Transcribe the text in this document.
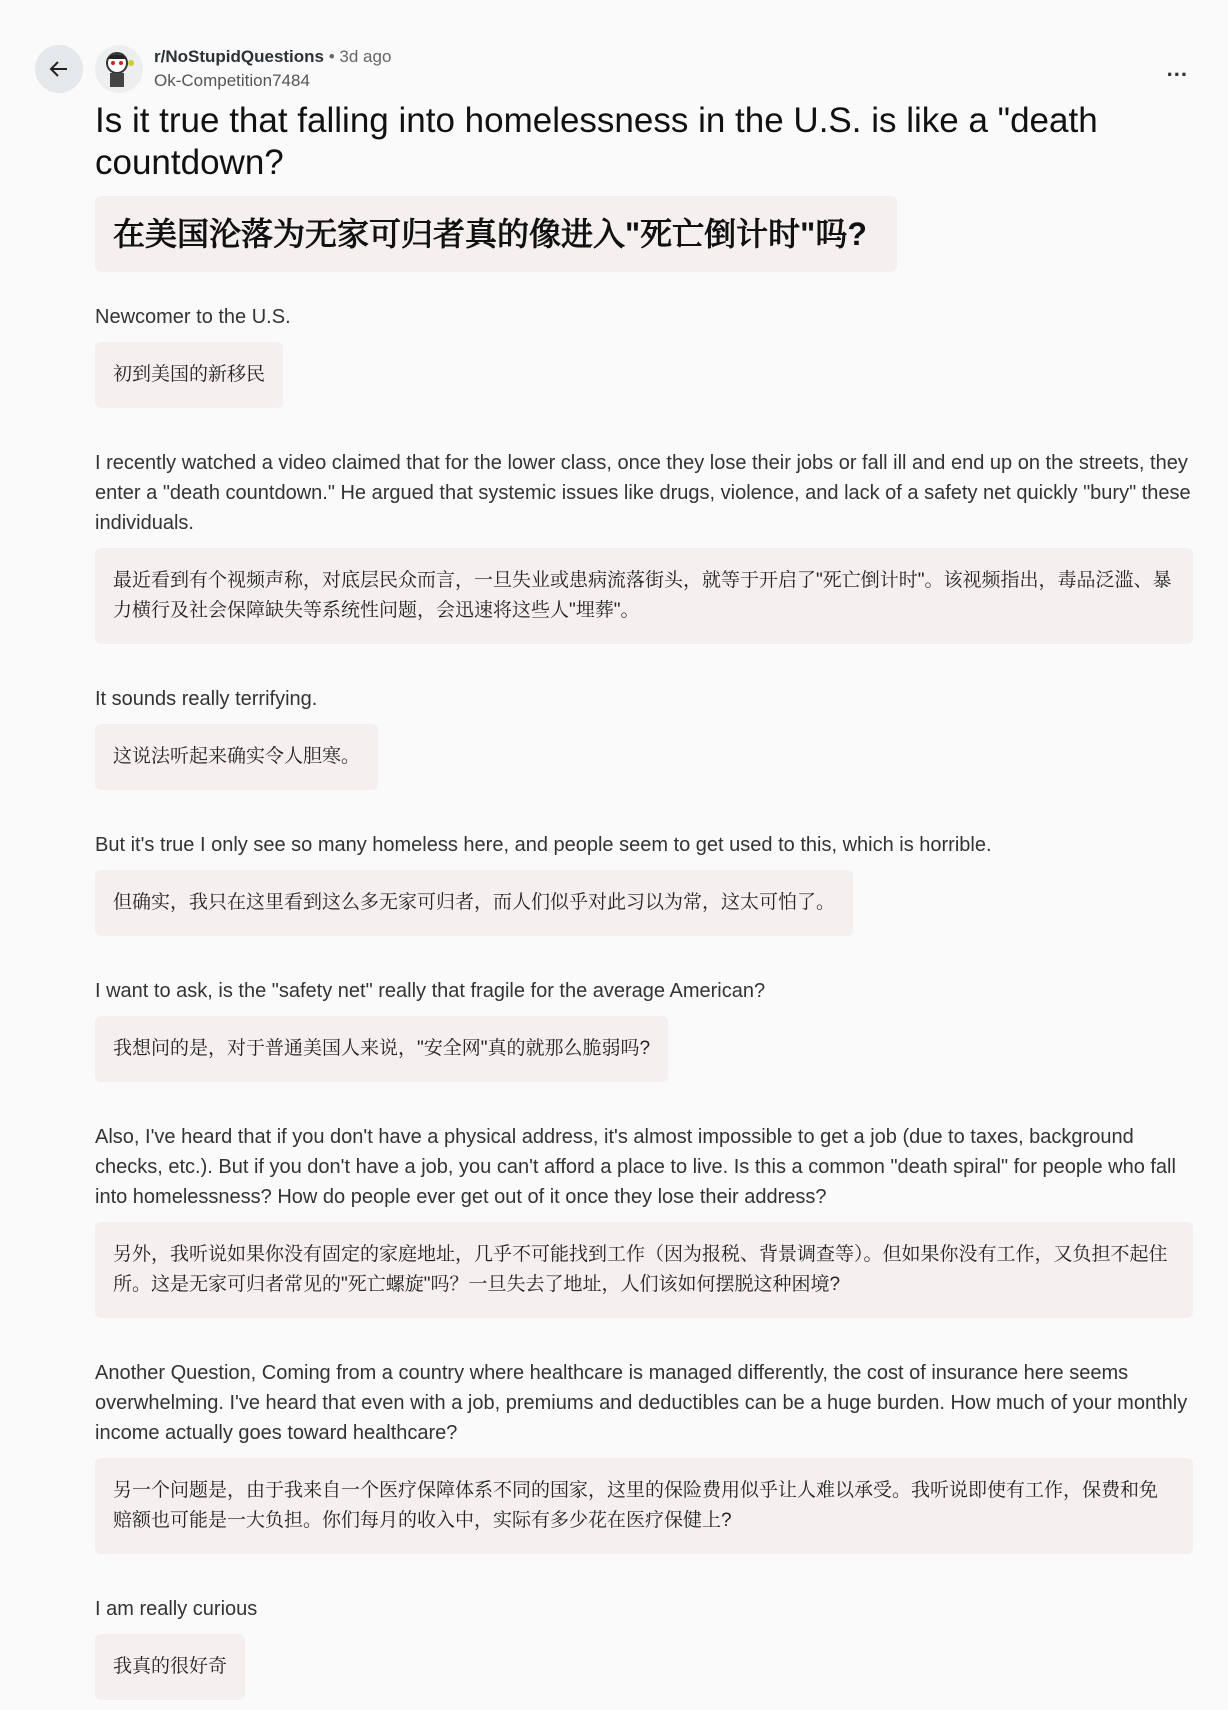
r/NoStupidQuestions • 3d ago
Ok-Competition7484	...
Is it true that falling into homelessness in the U.S. is like a "death countdown?
在美国沦落为无家可归者真的像进入"死亡倒计时"吗?

Newcomer to the U.S.

初到美国的新移民

I recently watched a video claimed that for the lower class, once they lose their jobs or fall ill and end up on the streets, they enter a "death countdown." He argued that systemic issues like drugs, violence, and lack of a safety net quickly "bury" these individuals.

最近看到有个视频声称，对底层民众而言，一旦失业或患病流落街头，就等于开启了"死亡倒计时"。该视频指出，毒品泛滥、暴力横行及社会保障缺失等系统性问题，会迅速将这些人"埋葬"。

It sounds really terrifying.

这说法听起来确实令人胆寒。

But it's true I only see so many homeless here, and people seem to get used to this, which is horrible.

但确实，我只在这里看到这么多无家可归者，而人们似乎对此习以为常，这太可怕了。

I want to ask, is the "safety net" really that fragile for the average American?

我想问的是，对于普通美国人来说，"安全网"真的就那么脆弱吗?

Also, I've heard that if you don't have a physical address, it's almost impossible to get a job (due to taxes, background checks, etc.). But if you don't have a job, you can't afford a place to live. Is this a common "death spiral" for people who fall into homelessness? How do people ever get out of it once they lose their address?

另外，我听说如果你没有固定的家庭地址，几乎不可能找到工作（因为报税、背景调查等）。但如果你没有工作，又负担不起住所。这是无家可归者常见的"死亡螺旋"吗？一旦失去了地址，人们该如何摆脱这种困境?

Another Question, Coming from a country where healthcare is managed differently, the cost of insurance here seems overwhelming. I've heard that even with a job, premiums and deductibles can be a huge burden. How much of your monthly income actually goes toward healthcare?

另一个问题是，由于我来自一个医疗保障体系不同的国家，这里的保险费用似乎让人难以承受。我听说即使有工作，保费和免赔额也可能是一大负担。你们每月的收入中，实际有多少花在医疗保健上?

I am really curious

我真的很好奇
